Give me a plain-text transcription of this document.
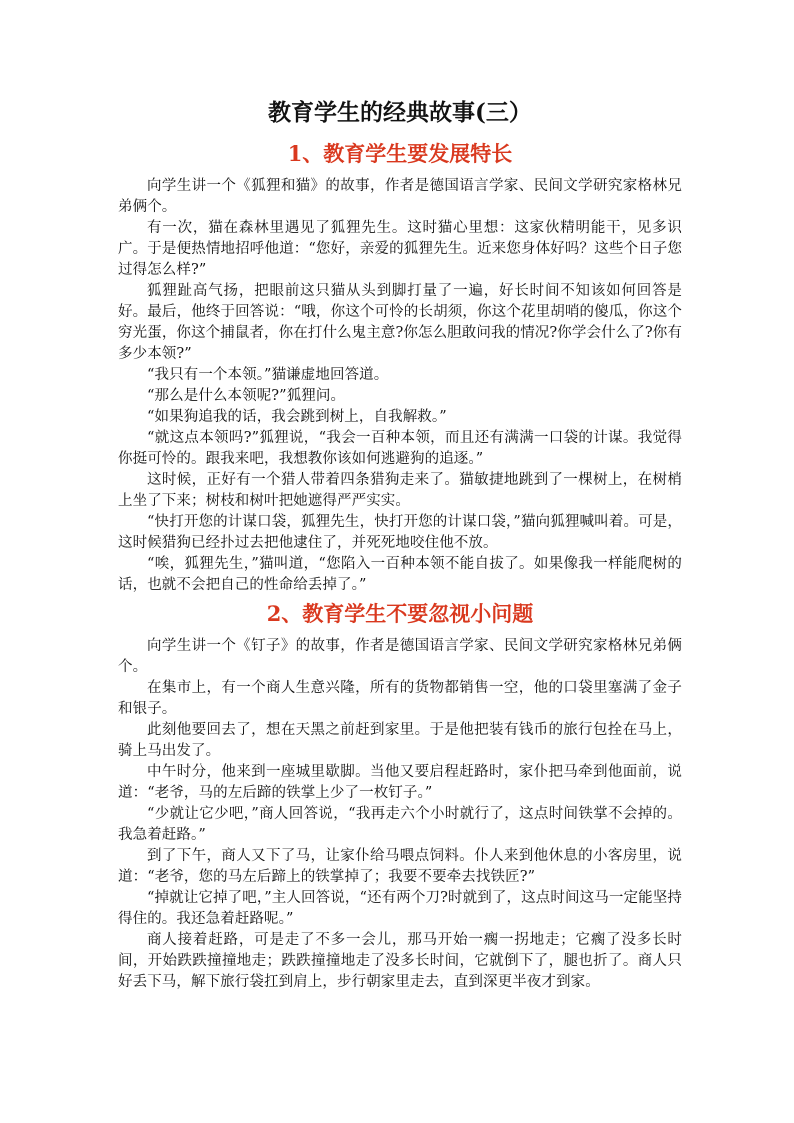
教育学生的经典故事(三）
1、教育学生要发展特长

向学生讲一个《狐狸和猫》的故事，作者是德国语言学家、民间文学研究家格林兄弟俩个。

有一次，猫在森林里遇见了狐狸先生。这时猫心里想：这家伙精明能干，见多识广。于是便热情地招呼他道：“您好，亲爱的狐狸先生。近来您身体好吗？这些个日子您过得怎么样?”

狐狸趾高气扬，把眼前这只猫从头到脚打量了一遍，好长时间不知该如何回答是好。最后，他终于回答说：“哦，你这个可怜的长胡须，你这个花里胡哨的傻瓜，你这个穷光蛋，你这个捕鼠者，你在打什么鬼主意?你怎么胆敢问我的情况?你学会什么了?你有多少本领?”

“我只有一个本领。”猫谦虚地回答道。

“那么是什么本领呢?”狐狸问。

“如果狗追我的话，我会跳到树上，自我解救。”

“就这点本领吗?”狐狸说，“我会一百种本领，而且还有满满一口袋的计谋。我觉得你挺可怜的。跟我来吧，我想教你该如何逃避狗的追逐。”

这时候，正好有一个猎人带着四条猎狗走来了。猫敏捷地跳到了一棵树上，在树梢上坐了下来；树枝和树叶把她遮得严严实实。

“快打开您的计谋口袋，狐狸先生，快打开您的计谋口袋，”猫向狐狸喊叫着。可是，这时候猎狗已经扑过去把他逮住了，并死死地咬住他不放。

“唉，狐狸先生，”猫叫道，“您陷入一百种本领不能自拔了。如果像我一样能爬树的话，也就不会把自己的性命给丢掉了。”

2、教育学生不要忽视小问题

向学生讲一个《钉子》的故事，作者是德国语言学家、民间文学研究家格林兄弟俩个。

在集市上，有一个商人生意兴隆，所有的货物都销售一空，他的口袋里塞满了金子和银子。

此刻他要回去了，想在天黑之前赶到家里。于是他把装有钱币的旅行包拴在马上，骑上马出发了。

中午时分，他来到一座城里歇脚。当他又要启程赶路时，家仆把马牵到他面前，说道：“老爷，马的左后蹄的铁掌上少了一枚钉子。”

“少就让它少吧，”商人回答说，“我再走六个小时就行了，这点时间铁掌不会掉的。我急着赶路。”

到了下午，商人又下了马，让家仆给马喂点饲料。仆人来到他休息的小客房里，说道：“老爷，您的马左后蹄上的铁掌掉了；我要不要牵去找铁匠?”

“掉就让它掉了吧，”主人回答说，“还有两个刀?时就到了，这点时间这马一定能坚持得住的。我还急着赶路呢。”

商人接着赶路，可是走了不多一会儿，那马开始一瘸一拐地走；它瘸了没多长时间，开始跌跌撞撞地走；跌跌撞撞地走了没多长时间，它就倒下了，腿也折了。商人只好丢下马，解下旅行袋扛到肩上，步行朝家里走去，直到深更半夜才到家。
